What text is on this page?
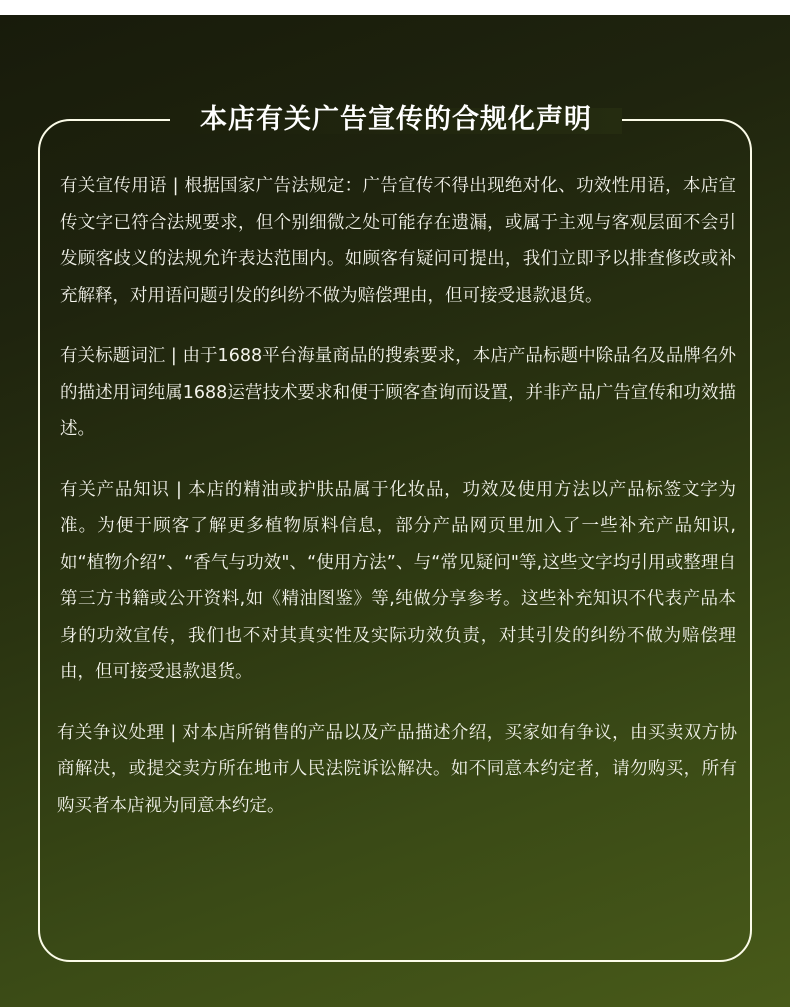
本店有关广告宣传的合规化声明

有关宣传用语 | 根据国家广告法规定：广告宣传不得出现绝对化、功效性用语，本店宣传文字已符合法规要求，但个别细微之处可能存在遗漏，或属于主观与客观层面不会引发顾客歧义的法规允许表达范围内。如顾客有疑问可提出，我们立即予以排查修改或补充解释，对用语问题引发的纠纷不做为赔偿理由，但可接受退款退货。

有关标题词汇 | 由于1688平台海量商品的搜索要求，本店产品标题中除品名及品牌名外的描述用词纯属1688运营技术要求和便于顾客查询而设置，并非产品广告宣传和功效描述。

有关产品知识 | 本店的精油或护肤品属于化妆品，功效及使用方法以产品标签文字为准。为便于顾客了解更多植物原料信息，部分产品网页里加入了一些补充产品知识,如“植物介绍”、“香气与功效"、“使用方法”、与“常见疑问"等,这些文字均引用或整理自第三方书籍或公开资料,如《精油图鉴》等,纯做分享参考。这些补充知识不代表产品本身的功效宣传，我们也不对其真实性及实际功效负责，对其引发的纠纷不做为赔偿理由，但可接受退款退货。

有关争议处理 | 对本店所销售的产品以及产品描述介绍，买家如有争议，由买卖双方协商解决，或提交卖方所在地市人民法院诉讼解决。如不同意本约定者，请勿购买，所有购买者本店视为同意本约定。
